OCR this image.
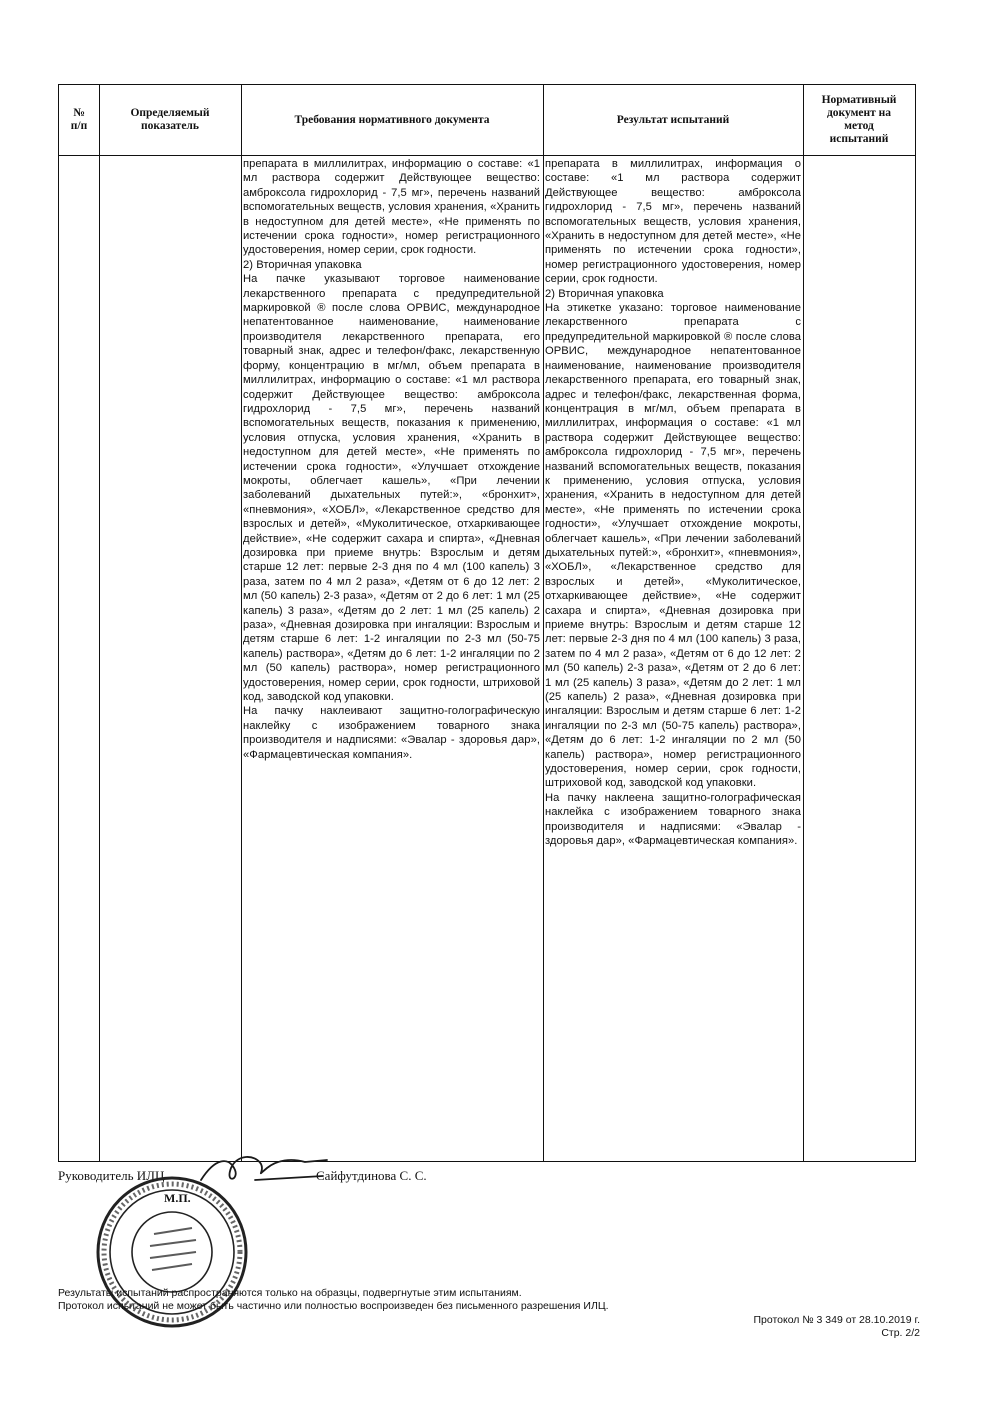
№
п/п
Определяемый
показатель
Требования нормативного документа	Результат испытаний
Нормативный
документ на
метод
испытаний

препарата в миллилитрах, информацию о составе: «1 мл раствора содержит Действующее вещество: амброксола гидрохлорид - 7,5 мг», перечень названий вспомогательных веществ, условия хранения, «Хранить в недоступном для детей месте», «Не применять по истечении срока годности», номер регистрационного удостоверения, номер серии, срок годности.

2) Вторичная упаковка

На пачке указывают торговое наименование лекарственного препарата с предупредительной маркировкой ® после слова ОРВИС, международное непатентованное наименование, наименование производителя лекарственного препарата, его товарный знак, адрес и телефон/факс, лекарственную форму, концентрацию в мг/мл, объем препарата в миллилитрах, информацию о составе: «1 мл раствора содержит Действующее вещество: амброксола гидрохлорид - 7,5 мг», перечень названий вспомогательных веществ, показания к применению, условия отпуска, условия хранения, «Хранить в недоступном для детей месте», «Не применять по истечении срока годности», «Улучшает отхождение мокроты, облегчает кашель», «При лечении заболеваний дыхательных путей:», «бронхит», «пневмония», «ХОБЛ», «Лекарственное средство для взрослых и детей», «Муколитическое, отхаркивающее действие», «Не содержит сахара и спирта», «Дневная дозировка при приеме внутрь: Взрослым и детям старше 12 лет: первые 2-3 дня по 4 мл (100 капель) 3 раза, затем по 4 мл 2 раза», «Детям от 6 до 12 лет: 2 мл (50 капель) 2-3 раза», «Детям от 2 до 6 лет: 1 мл (25 капель) 3 раза», «Детям до 2 лет: 1 мл (25 капель) 2 раза», «Дневная дозировка при ингаляции: Взрослым и детям старше 6 лет: 1-2 ингаляции по 2-3 мл (50-75 капель) раствора», «Детям до 6 лет: 1-2 ингаляции по 2 мл (50 капель) раствора», номер регистрационного удостоверения, номер серии, срок годности, штриховой код, заводской код упаковки.

На пачку наклеивают защитно-голографическую наклейку с изображением товарного знака производителя и надписями: «Эвалар - здоровья дар», «Фармацевтическая компания».

препарата в миллилитрах, информация о составе: «1 мл раствора содержит Действующее вещество: амброксола гидрохлорид - 7,5 мг», перечень названий вспомогательных веществ, условия хранения, «Хранить в недоступном для детей месте», «Не применять по истечении срока годности», номер регистрационного удостоверения, номер серии, срок годности.

2) Вторичная упаковка

На этикетке указано: торговое наименование лекарственного препарата с предупредительной маркировкой ® после слова ОРВИС, международное непатентованное наименование, наименование производителя лекарственного препарата, его товарный знак, адрес и телефон/факс, лекарственная форма, концентрация в мг/мл, объем препарата в миллилитрах, информация о составе: «1 мл раствора содержит Действующее вещество: амброксола гидрохлорид - 7,5 мг», перечень названий вспомогательных веществ, показания к применению, условия отпуска, условия хранения, «Хранить в недоступном для детей месте», «Не применять по истечении срока годности», «Улучшает отхождение мокроты, облегчает кашель», «При лечении заболеваний дыхательных путей:», «бронхит», «пневмония», «ХОБЛ», «Лекарственное средство для взрослых и детей», «Муколитическое, отхаркивающее действие», «Не содержит сахара и спирта», «Дневная дозировка при приеме внутрь: Взрослым и детям старше 12 лет: первые 2-3 дня по 4 мл (100 капель) 3 раза, затем по 4 мл 2 раза», «Детям от 6 до 12 лет: 2 мл (50 капель) 2-3 раза», «Детям от 2 до 6 лет: 1 мл (25 капель) 3 раза», «Детям до 2 лет: 1 мл (25 капель) 2 раза», «Дневная дозировка при ингаляции: Взрослым и детям старше 6 лет: 1-2 ингаляции по 2-3 мл (50-75 капель) раствора», «Детям до 6 лет: 1-2 ингаляции по 2 мл (50 капель) раствора», номер регистрационного удостоверения, номер серии, срок годности, штриховой код, заводской код упаковки.

На пачку наклеена защитно-голографическая наклейка с изображением товарного знака производителя и надписями: «Эвалар - здоровья дар», «Фармацевтическая компания».

Руководитель ИЛЦ	Сайфутдинова С. С.
М.П.

Результаты испытаний распространяются только на образцы, подвергнутые этим испытаниям.

Протокол испытаний не может быть частично или полностью воспроизведен без письменного разрешения ИЛЦ.

Протокол № 3 349 от 28.10.2019 г.

Стр. 2/2
